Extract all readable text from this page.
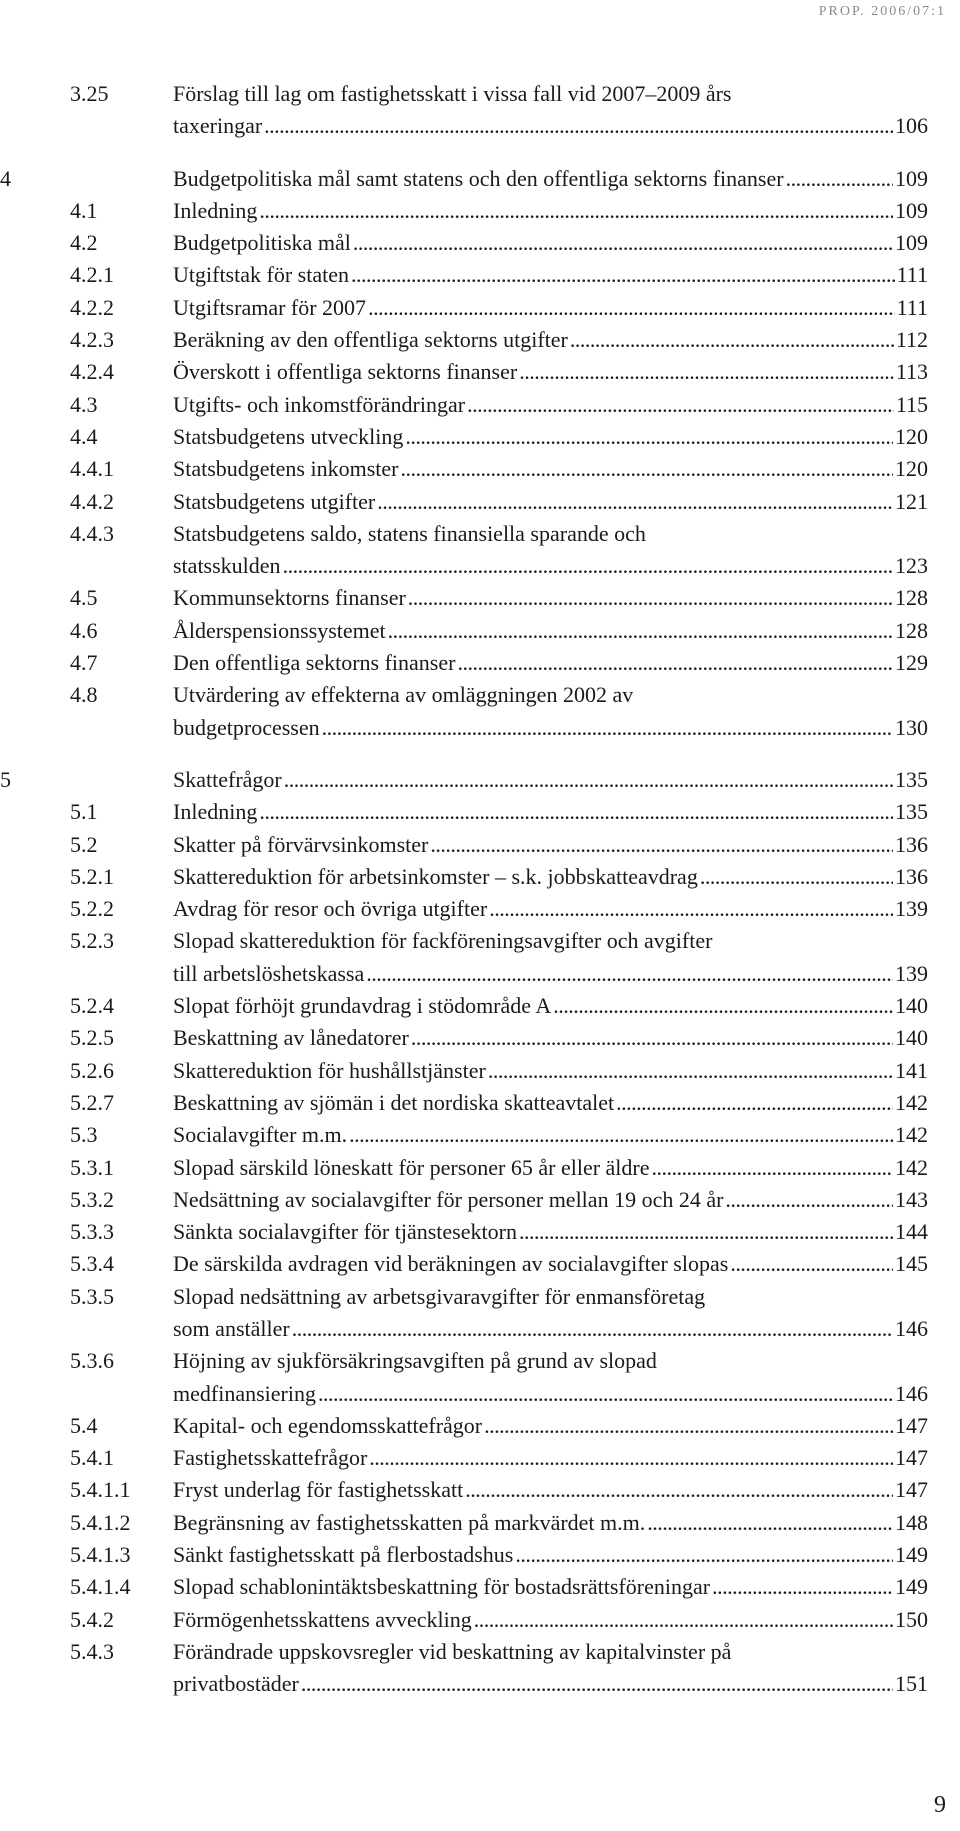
PROP. 2006/07:1
3.25	Förslag till lag om fastighetsskatt i vissa fall vid 2007–2009 års
taxeringar . . .	106
4	Budgetpolitiska mål samt statens och den offentliga sektorns finanser . . .	109
4.1	Inledning . . .	109
4.2	Budgetpolitiska mål . . .	109
4.2.1	Utgiftstak för staten . . .	111
4.2.2	Utgiftsramar för 2007 . . .	111
4.2.3	Beräkning av den offentliga sektorns utgifter . . .	112
4.2.4	Överskott i offentliga sektorns finanser . . .	113
4.3	Utgifts- och inkomstförändringar . . .	115
4.4	Statsbudgetens utveckling . . .	120
4.4.1	Statsbudgetens inkomster . . .	120
4.4.2	Statsbudgetens utgifter . . .	121
4.4.3	Statsbudgetens saldo, statens finansiella sparande och
statsskulden . . .	123
4.5	Kommunsektorns finanser . . .	128
4.6	Ålderspensionssystemet . . .	128
4.7	Den offentliga sektorns finanser . . .	129
4.8	Utvärdering av effekterna av omläggningen 2002 av
budgetprocessen . . .	130
5	Skattefrågor . . .	135
5.1	Inledning . . .	135
5.2	Skatter på förvärvsinkomster . . .	136
5.2.1	Skattereduktion för arbetsinkomster – s.k. jobbskatteavdrag . . .	136
5.2.2	Avdrag för resor och övriga utgifter . . .	139
5.2.3	Slopad skattereduktion för fackföreningsavgifter och avgifter
till arbetslöshetskassa . . .	139
5.2.4	Slopat förhöjt grundavdrag i stödområde A . . .	140
5.2.5	Beskattning av lånedatorer . . .	140
5.2.6	Skattereduktion för hushållstjänster . . .	141
5.2.7	Beskattning av sjömän i det nordiska skatteavtalet . . .	142
5.3	Socialavgifter m.m. . . .	142
5.3.1	Slopad särskild löneskatt för personer 65 år eller äldre . . .	142
5.3.2	Nedsättning av socialavgifter för personer mellan 19 och 24 år . . .	143
5.3.3	Sänkta socialavgifter för tjänstesektorn . . .	144
5.3.4	De särskilda avdragen vid beräkningen av socialavgifter slopas . . .	145
5.3.5	Slopad nedsättning av arbetsgivaravgifter för enmansföretag
som anställer . . .	146
5.3.6	Höjning av sjukförsäkringsavgiften på grund av slopad
medfinansiering . . .	146
5.4	Kapital- och egendomsskattefrågor . . .	147
5.4.1	Fastighetsskattefrågor . . .	147
5.4.1.1 Fryst underlag för fastighetsskatt . . .	147
5.4.1.2 Begränsning av fastighetsskatten på markvärdet m.m. . . .	148
5.4.1.3 Sänkt fastighetsskatt på flerbostadshus . . .	149
5.4.1.4 Slopad schablonintäktsbeskattning för bostadsrättsföreningar . . .	149
5.4.2	Förmögenhetsskattens avveckling . . .	150
5.4.3	Förändrade uppskovsregler vid beskattning av kapitalvinster på
privatbostäder . . .	151
9
